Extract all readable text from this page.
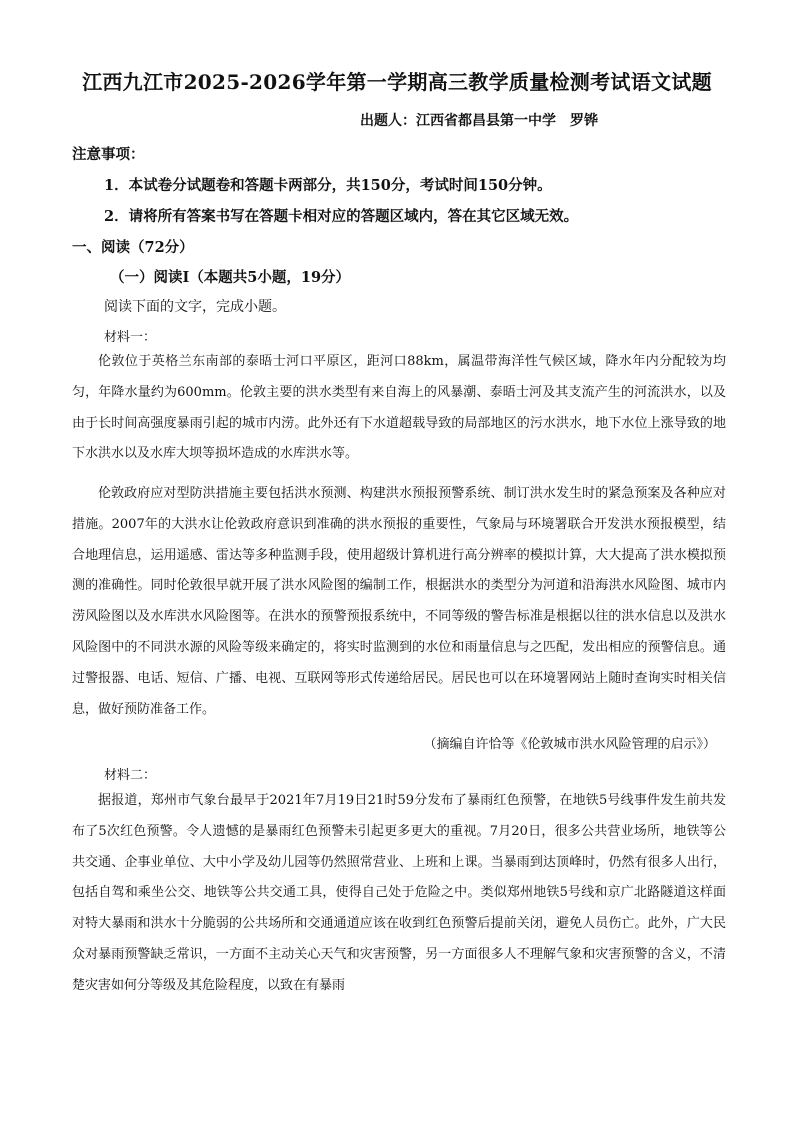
江西九江市2025-2026学年第一学期高三教学质量检测考试语文试题
出题人：江西省都昌县第一中学　罗铧
注意事项：
1．本试卷分试题卷和答题卡两部分，共150分，考试时间150分钟。
2．请将所有答案书写在答题卡相对应的答题区域内，答在其它区域无效。
一、阅读（72分）
（一）阅读Ⅰ（本题共5小题，19分）
阅读下面的文字，完成小题。
材料一：

伦敦位于英格兰东南部的泰晤士河口平原区，距河口88km，属温带海洋性气候区域，降水年内分配较为均匀，年降水量约为600mm。伦敦主要的洪水类型有来自海上的风暴潮、泰晤士河及其支流产生的河流洪水，以及由于长时间高强度暴雨引起的城市内涝。此外还有下水道超载导致的局部地区的污水洪水，地下水位上涨导致的地下水洪水以及水库大坝等损坏造成的水库洪水等。

伦敦政府应对型防洪措施主要包括洪水预测、构建洪水预报预警系统、制订洪水发生时的紧急预案及各种应对措施。2007年的大洪水让伦敦政府意识到准确的洪水预报的重要性，气象局与环境署联合开发洪水预报模型，结合地理信息，运用遥感、雷达等多种监测手段，使用超级计算机进行高分辨率的模拟计算，大大提高了洪水模拟预测的准确性。同时伦敦很早就开展了洪水风险图的编制工作，根据洪水的类型分为河道和沿海洪水风险图、城市内涝风险图以及水库洪水风险图等。在洪水的预警预报系统中，不同等级的警告标准是根据以往的洪水信息以及洪水风险图中的不同洪水源的风险等级来确定的，将实时监测到的水位和雨量信息与之匹配，发出相应的预警信息。通过警报器、电话、短信、广播、电视、互联网等形式传递给居民。居民也可以在环境署网站上随时查询实时相关信息，做好预防准备工作。

（摘编自许恰等《伦敦城市洪水风险管理的启示》）
材料二：

据报道，郑州市气象台最早于2021年7月19日21时59分发布了暴雨红色预警，在地铁5号线事件发生前共发布了5次红色预警。令人遗憾的是暴雨红色预警未引起更多更大的重视。7月20日，很多公共营业场所，地铁等公共交通、企事业单位、大中小学及幼儿园等仍然照常营业、上班和上课。当暴雨到达顶峰时，仍然有很多人出行，包括自驾和乘坐公交、地铁等公共交通工具，使得自己处于危险之中。类似郑州地铁5号线和京广北路隧道这样面对特大暴雨和洪水十分脆弱的公共场所和交通通道应该在收到红色预警后提前关闭，避免人员伤亡。此外，广大民众对暴雨预警缺乏常识，一方面不主动关心天气和灾害预警，另一方面很多人不理解气象和灾害预警的含义，不清楚灾害如何分等级及其危险程度，以致在有暴雨
